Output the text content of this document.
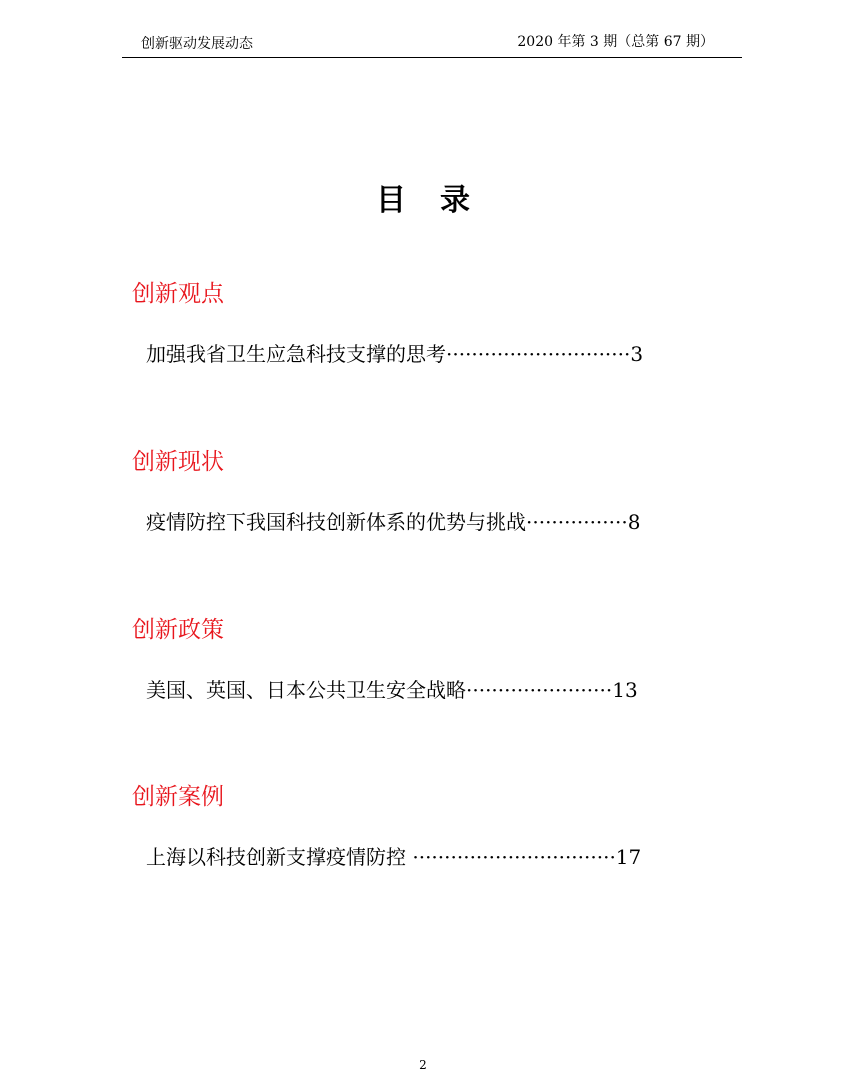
创新驱动发展动态	2020 年第 3 期（总第 67 期）
目录
创新观点
加强我省卫生应急科技支撑的思考·····························3
创新现状
疫情防控下我国科技创新体系的优势与挑战················8
创新政策
美国、英国、日本公共卫生安全战略·······················13
创新案例
上海以科技创新支撑疫情防控 ································17
2
